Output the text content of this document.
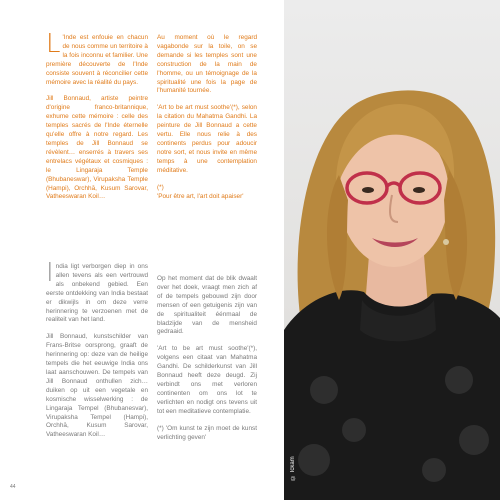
L 'Inde est enfouie en chacun de nous comme un territoire à la fois inconnu et familier. Une première découverte de l'Inde consiste souvent à réconcilier cette mémoire avec la réalité du pays.

Jill Bonnaud, artiste peintre d'origine franco-britannique, exhume cette mémoire : celle des temples sacrés de l'Inde éternelle qu'elle offre à notre regard. Les temples de Jill Bonnaud se révèlent… enserrés à travers ses entrelacs végétaux et cosmiques : le Lingaraja Temple (Bhubaneswar), Virupaksha Temple (Hampi), Orchhā, Kusum Sarovar, Vatheeswaran Koil…

Au moment où le regard vagabonde sur la toile, on se demande si les temples sont une construction de la main de l'homme, ou un témoignage de la spiritualité une fois la page de l'humanité tournée.

'Art to be art must soothe'(*), selon la citation du Mahatma Gandhi. La peinture de Jill Bonnaud a cette vertu. Elle nous relie à des continents perdus pour adoucir notre sort, et nous invite en même temps à une contemplation méditative.

(*)
'Pour être art, l'art doit apaiser'

India ligt verborgen diep in ons allen tevens als een vertrouwd als onbekend gebied. Een eerste ontdekking van India bestaat er dikwijls in om deze verre herinnering te verzoenen met de realiteit van het land.

Jill Bonnaud, kunstschilder van Frans-Britse oorsprong, graaft de herinnering op: deze van de heilige tempels die het eeuwige India ons laat aanschouwen. De tempels van Jill Bonnaud onthullen zich… duiken op uit een vegetale en kosmische wisselwerking : de Lingaraja Tempel (Bhubanesvar), Virupaksha Tempel (Hampi), Orchhā, Kusum Sarovar, Vatheeswaran Koil…

Op het moment dat de blik dwaalt over het doek, vraagt men zich af of de tempels gebouwd zijn door mensen of een getuigenis zijn van de spiritualiteit éénmaal de bladzijde van de mensheid gedraaid.

'Art to be art must soothe'(*), volgens een citaat van Mahatma Gandhi. De schilderkunst van Jill Bonnaud heeft deze deugd. Zij verbindt ons met verloren continenten om ons lot te verlichten en nodigt ons tevens uit tot een meditatieve contemplatie.

(*) 'Om kunst te zijn moet de kunst verlichting geven'

© Ickam
44
